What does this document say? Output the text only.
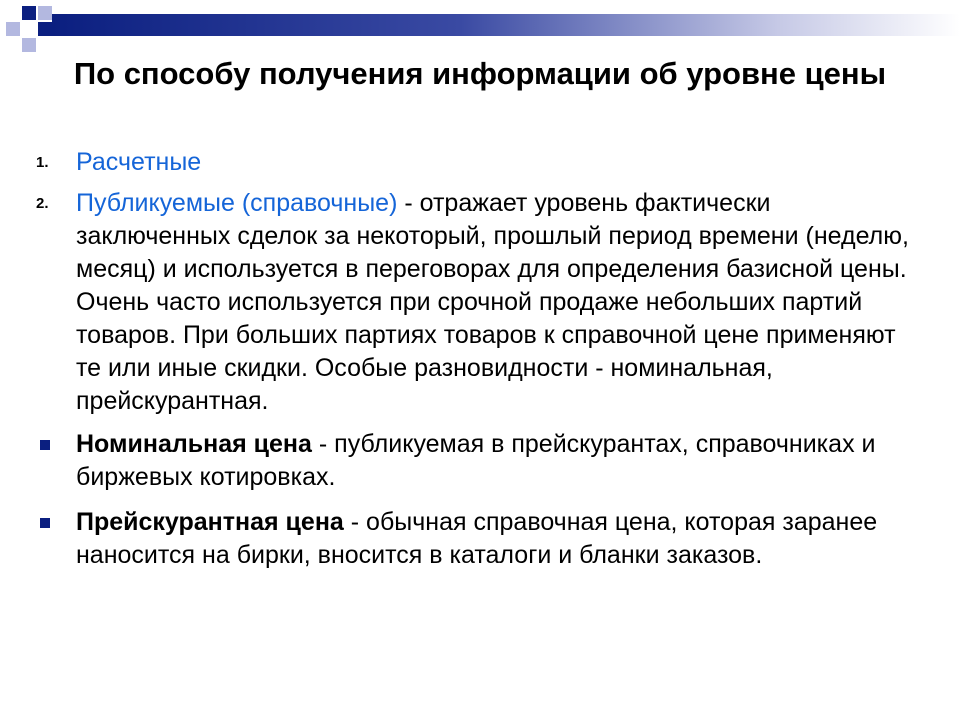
По способу получения информации об уровне цены
1. Расчетные
2. Публикуемые (справочные) - отражает уровень фактически заключенных сделок за некоторый, прошлый период времени (неделю, месяц) и используется в переговорах для определения базисной цены. Очень часто используется при срочной продаже небольших партий товаров. При больших партиях товаров к справочной цене применяют те или иные скидки. Особые разновидности - номинальная, прейскурантная.
Номинальная цена - публикуемая в прейскурантах, справочниках и биржевых котировках.
Прейскурантная цена - обычная справочная цена, которая заранее наносится на бирки, вносится в каталоги и бланки заказов.
